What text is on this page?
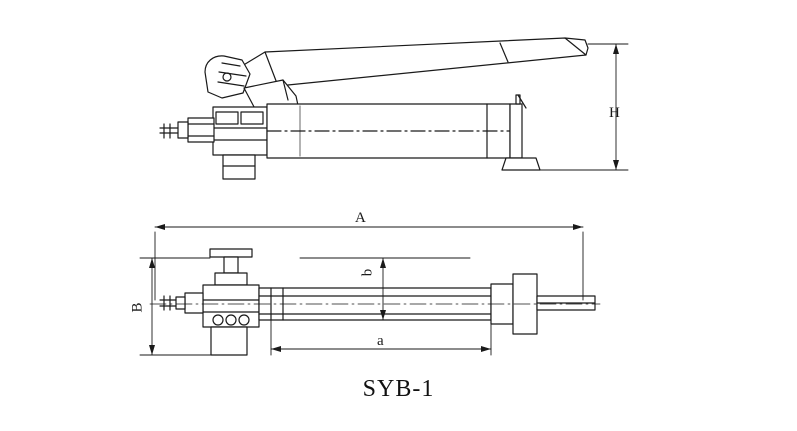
H
A
B
b
a
SYB-1
